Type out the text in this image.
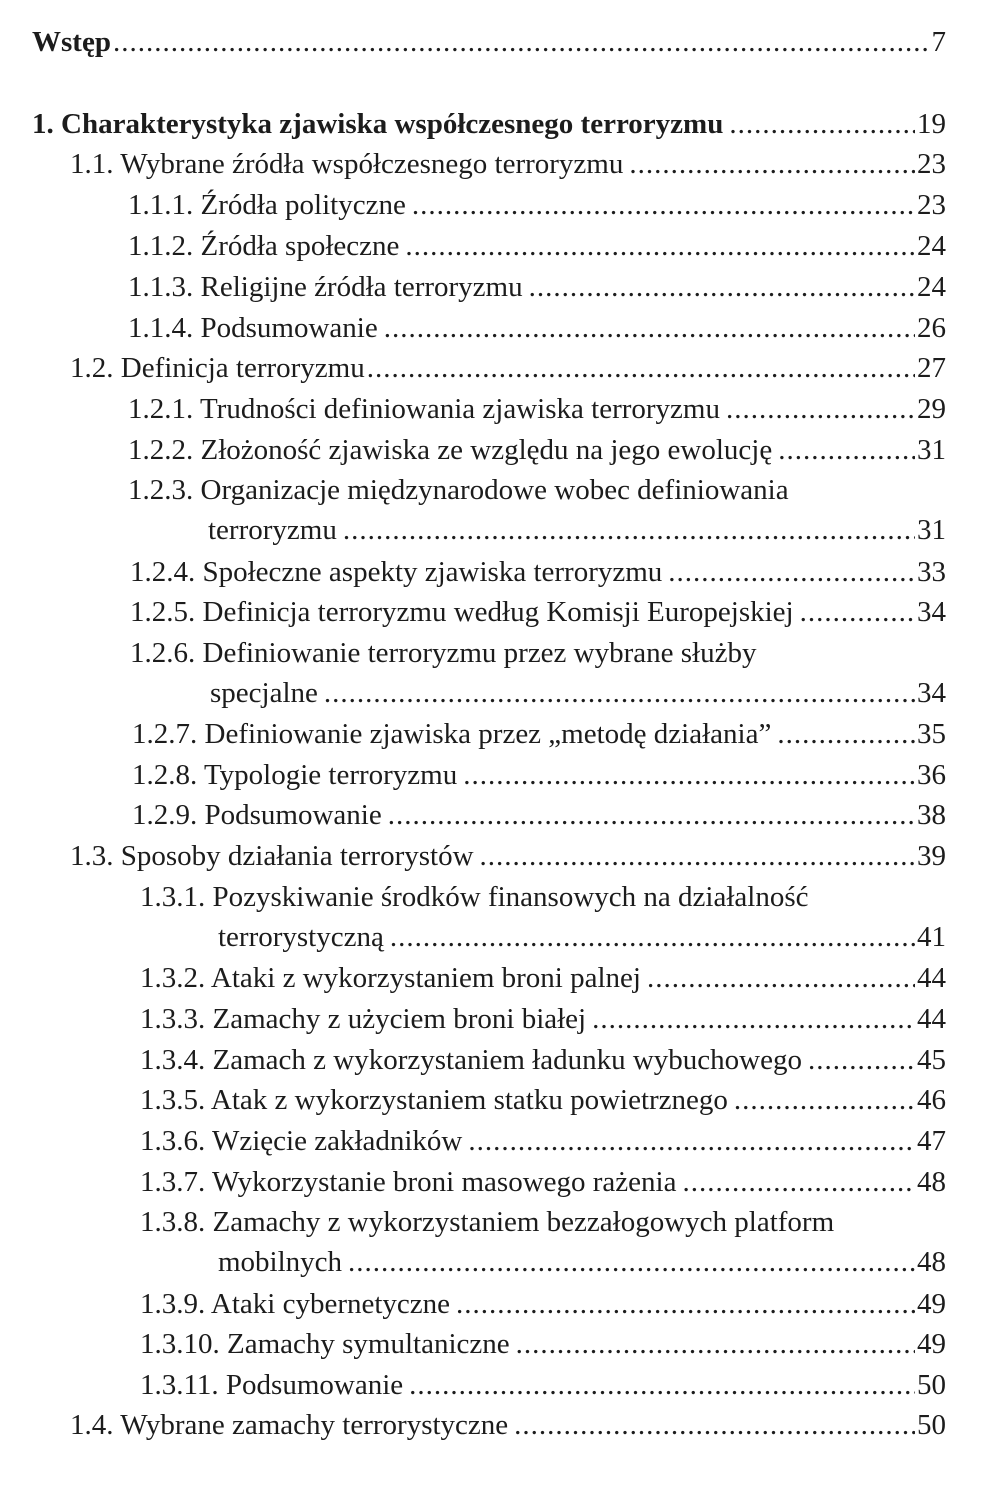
Wstęp .....	7
1. Charakterystyka zjawiska współczesnego terroryzmu .....	19
1.1. Wybrane źródła współczesnego terroryzmu .....	23
1.1.1. Źródła polityczne .....	23
1.1.2. Źródła społeczne .....	24
1.1.3. Religijne źródła terroryzmu .....	24
1.1.4. Podsumowanie .....	26
1.2. Definicja terroryzmu .....	27
1.2.1. Trudności definiowania zjawiska terroryzmu .....	29
1.2.2. Złożoność zjawiska ze względu na jego ewolucję .....	31
1.2.3. Organizacje międzynarodowe wobec definiowania
terroryzmu .....	31
1.2.4. Społeczne aspekty zjawiska terroryzmu .....	33
1.2.5. Definicja terroryzmu według Komisji Europejskiej .....	34
1.2.6. Definiowanie terroryzmu przez wybrane służby
specjalne .....	34
1.2.7. Definiowanie zjawiska przez „metodę działania” .....	35
1.2.8. Typologie terroryzmu .....	36
1.2.9. Podsumowanie .....	38
1.3. Sposoby działania terrorystów .....	39
1.3.1. Pozyskiwanie środków finansowych na działalność
terrorystyczną .....	41
1.3.2. Ataki z wykorzystaniem broni palnej .....	44
1.3.3. Zamachy z użyciem broni białej .....	44
1.3.4. Zamach z wykorzystaniem ładunku wybuchowego .....	45
1.3.5. Atak z wykorzystaniem statku powietrznego .....	46
1.3.6. Wzięcie zakładników .....	47
1.3.7. Wykorzystanie broni masowego rażenia .....	48
1.3.8. Zamachy z wykorzystaniem bezzałogowych platform
mobilnych .....	48
1.3.9. Ataki cybernetyczne .....	49
1.3.10. Zamachy symultaniczne .....	49
1.3.11. Podsumowanie .....	50
1.4. Wybrane zamachy terrorystyczne .....	50
